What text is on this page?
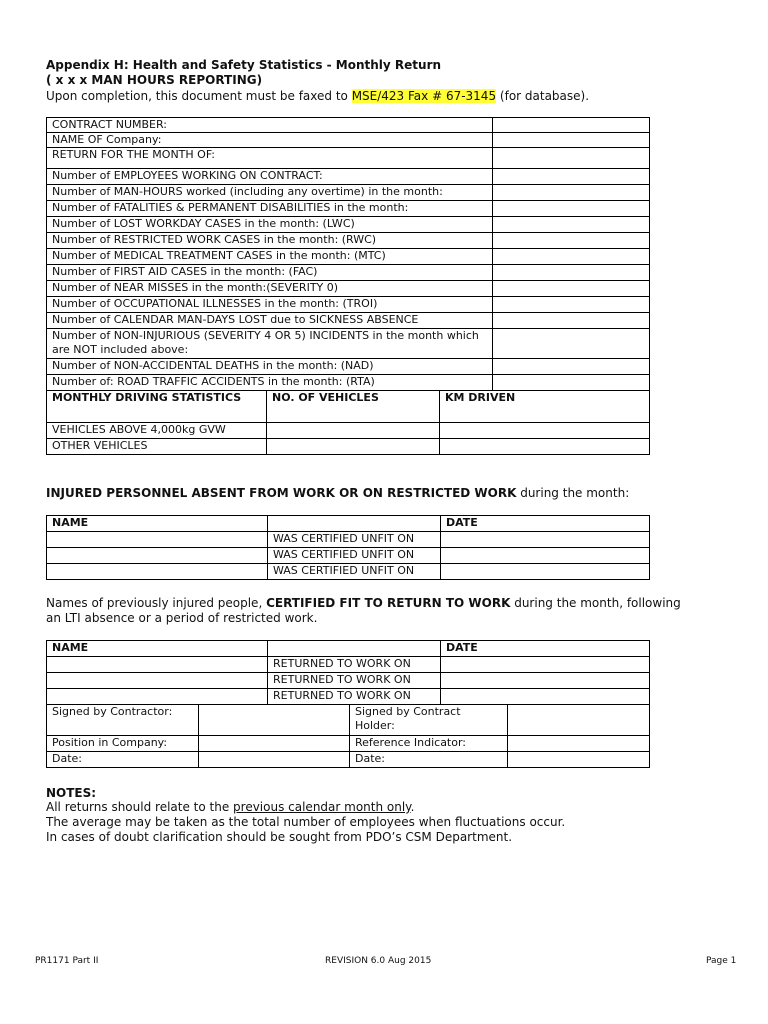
Appendix H: Health and Safety Statistics - Monthly Return
( x x x MAN HOURS REPORTING)
Upon completion, this document must be faxed to MSE/423 Fax # 67-3145 (for database).
CONTRACT NUMBER:	
NAME OF Company:	
RETURN FOR THE MONTH OF:	
Number of EMPLOYEES WORKING ON CONTRACT:	
Number of MAN-HOURS worked (including any overtime) in the month:	
Number of FATALITIES & PERMANENT DISABILITIES in the month:	
Number of LOST WORKDAY CASES in the month: (LWC)	
Number of RESTRICTED WORK CASES in the month: (RWC)	
Number of MEDICAL TREATMENT CASES in the month: (MTC)	
Number of FIRST AID CASES in the month: (FAC)	
Number of NEAR MISSES in the month:(SEVERITY 0)	
Number of OCCUPATIONAL ILLNESSES in the month: (TROI)	
Number of CALENDAR MAN-DAYS LOST due to SICKNESS ABSENCE	
Number of NON-INJURIOUS (SEVERITY 4 OR 5) INCIDENTS in the month which are NOT included above:	
Number of NON-ACCIDENTAL DEATHS in the month: (NAD)	
Number of: ROAD TRAFFIC ACCIDENTS in the month: (RTA)	
MONTHLY DRIVING STATISTICS	NO. OF VEHICLES	KM DRIVEN
VEHICLES ABOVE 4,000kg GVW		
OTHER VEHICLES		
INJURED PERSONNEL ABSENT FROM WORK OR ON RESTRICTED WORK during the month:
NAME		DATE
	WAS CERTIFIED UNFIT ON	
	WAS CERTIFIED UNFIT ON	
	WAS CERTIFIED UNFIT ON	
Names of previously injured people, CERTIFIED FIT TO RETURN TO WORK during the month, following an LTI absence or a period of restricted work.
NAME				DATE	
		RETURNED TO WORK ON			
		RETURNED TO WORK ON			
		RETURNED TO WORK ON			
Signed by Contractor:			Signed by Contract Holder:		
Position in Company:			Reference Indicator:		
Date:			Date:		
NOTES:
All returns should relate to the previous calendar month only.
The average may be taken as the total number of employees when fluctuations occur.
In cases of doubt clarification should be sought from PDO’s CSM Department.
PR1171 Part II	REVISION 6.0 Aug 2015	Page 1
